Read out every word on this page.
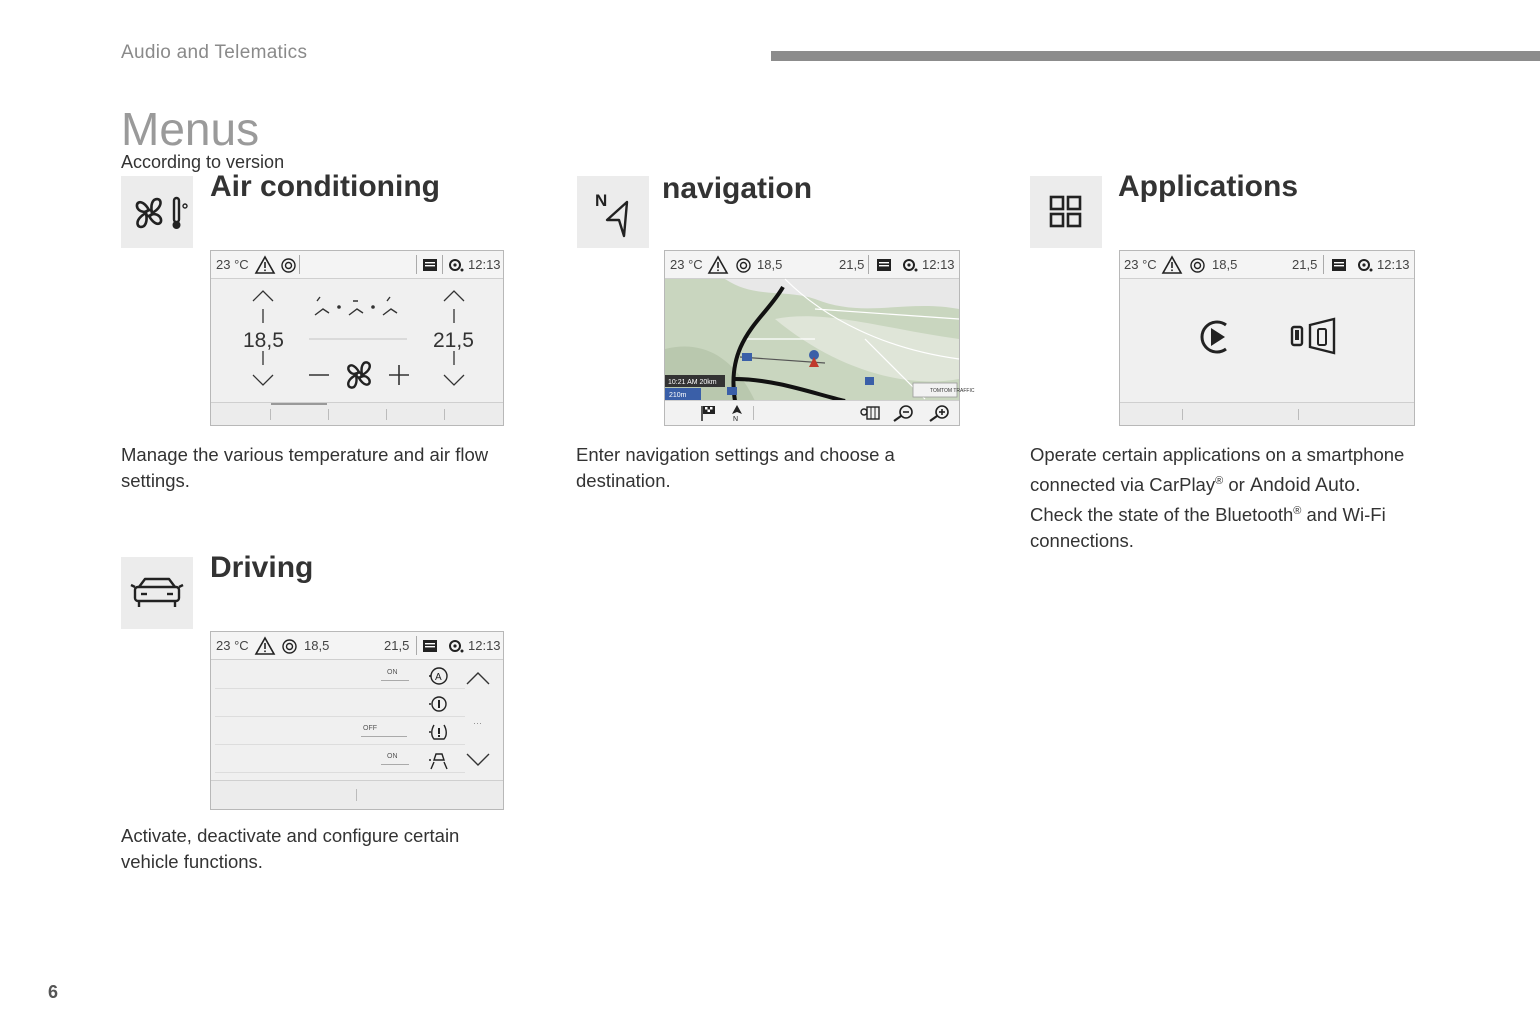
Audio and Telematics
Menus
According to version
Air conditioning
23 °C	12:13
18,5	21,5
Manage the various temperature and air flow settings.
N navigation
23 °C	18,5	21,5	12:13
10:21 AM 20km
210m
TOMTOM TRAFFIC
N
Enter navigation settings and choose a destination.
Applications
23 °C	18,5	21,5	12:13
Operate certain applications on a smartphone
connected via CarPlay® or Andoid Auto.
Check the state of the Bluetooth® and Wi-Fi
connections.
Driving
23 °C	18,5	21,5	12:13
ON	A
OFF
ON
···
Activate, deactivate and configure certain
vehicle functions.
6
